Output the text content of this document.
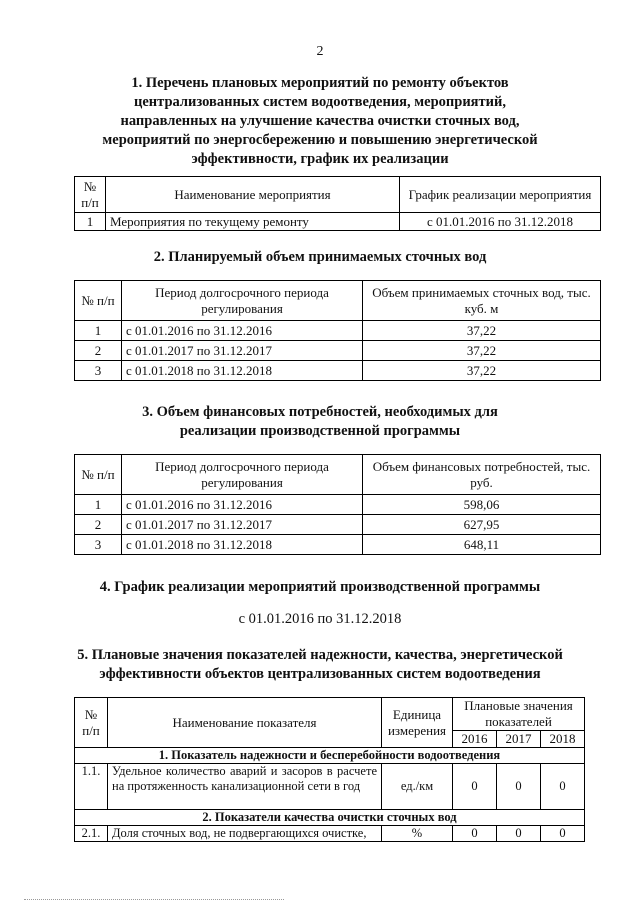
2
1. Перечень плановых мероприятий по ремонту объектов
централизованных систем водоотведения, мероприятий,
направленных на улучшение качества очистки сточных вод,
мероприятий по энергосбережению и повышению энергетической
эффективности, график их реализации
№ п/п	Наименование мероприятия	График реализации мероприятия
1	Мероприятия по текущему ремонту	с 01.01.2016 по 31.12.2018
2. Планируемый объем принимаемых сточных вод
№ п/п	Период долгосрочного периода регулирования	Объем принимаемых сточных вод, тыс. куб. м
1	с 01.01.2016 по 31.12.2016	37,22
2	с 01.01.2017 по 31.12.2017	37,22
3	с 01.01.2018 по 31.12.2018	37,22
3. Объем финансовых потребностей, необходимых для
реализации производственной программы
№ п/п	Период долгосрочного периода регулирования	Объем финансовых потребностей, тыс. руб.
1	с 01.01.2016 по 31.12.2016	598,06
2	с 01.01.2017 по 31.12.2017	627,95
3	с 01.01.2018 по 31.12.2018	648,11
4. График реализации мероприятий производственной программы
с 01.01.2016 по 31.12.2018
5. Плановые значения показателей надежности, качества, энергетической
эффективности объектов централизованных систем водоотведения
№ п/п	Наименование показателя	Единица измерения	Плановые значения показателей		
			2016	2017	2018
1. Показатель надежности и бесперебойности водоотведения					
1.1.	Удельное количество аварий и засоров в расчете на протяженность канализационной сети в год	ед./км	0	0	0
2. Показатели качества очистки сточных вод					
2.1.	Доля сточных вод, не подвергающихся очистке,	%	0	0	0
